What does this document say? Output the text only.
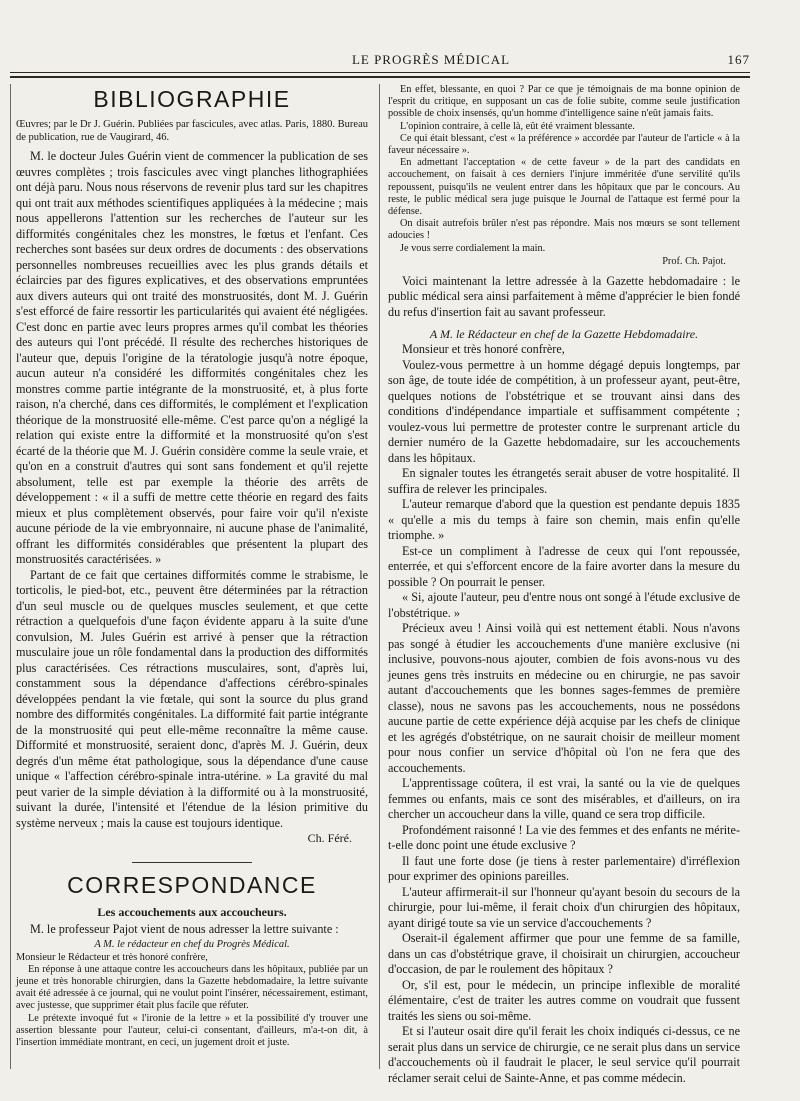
LE PROGRÈS MÉDICAL	167
BIBLIOGRAPHIE

Œuvres; par le Dr J. Guérin. Publiées par fascicules, avec atlas. Paris, 1880. Bureau de publication, rue de Vaugirard, 46.

M. le docteur Jules Guérin vient de commencer la publication de ses œuvres complètes ; trois fascicules avec vingt planches lithographiées ont déjà paru. Nous nous réservons de revenir plus tard sur les chapitres qui ont trait aux méthodes scientifiques appliquées à la médecine ; mais nous appellerons l'attention sur les recherches de l'auteur sur les difformités congénitales chez les monstres, le fœtus et l'enfant. Ces recherches sont basées sur deux ordres de documents : des observations personnelles nombreuses recueillies avec les plus grands détails et éclaircies par des figures explicatives, et des observations empruntées aux divers auteurs qui ont traité des monstruosités, dont M. J. Guérin s'est efforcé de faire ressortir les particularités qui avaient été négligées. C'est donc en partie avec leurs propres armes qu'il combat les théories des auteurs qui l'ont précédé. Il résulte des recherches historiques de l'auteur que, depuis l'origine de la tératologie jusqu'à notre époque, aucun auteur n'a considéré les difformités congénitales chez les monstres comme partie intégrante de la monstruosité, et, à plus forte raison, n'a cherché, dans ces difformités, le complément et l'explication théorique de la monstruosité elle-même. C'est parce qu'on a négligé la relation qui existe entre la difformité et la monstruosité qu'on s'est écarté de la théorie que M. J. Guérin considère comme la seule vraie, et qu'on en a construit d'autres qui sont sans fondement et qu'il rejette absolument, telle est par exemple la théorie des arrêts de développement : « il a suffi de mettre cette théorie en regard des faits mieux et plus complètement observés, pour faire voir qu'il n'existe aucune période de la vie embryonnaire, ni aucune phase de l'animalité, offrant les difformités considérables que présentent la plupart des monstruosités caractérisées. »

Partant de ce fait que certaines difformités comme le strabisme, le torticolis, le pied-bot, etc., peuvent être déterminées par la rétraction d'un seul muscle ou de quelques muscles seulement, et que cette rétraction a quelquefois d'une façon évidente apparu à la suite d'une convulsion, M. Jules Guérin est arrivé à penser que la rétraction musculaire joue un rôle fondamental dans la production des difformités plus caractérisées. Ces rétractions musculaires, sont, d'après lui, constamment sous la dépendance d'affections cérébro-spinales développées pendant la vie fœtale, qui sont la source du plus grand nombre des difformités congénitales. La difformité fait partie intégrante de la monstruosité qui peut elle-même reconnaître la même cause. Difformité et monstruosité, seraient donc, d'après M. J. Guérin, deux degrés d'un même état pathologique, sous la dépendance d'une cause unique « l'affection cérébro-spinale intra-utérine. » La gravité du mal peut varier de la simple déviation à la difformité ou à la monstruosité, suivant la durée, l'intensité et l'étendue de la lésion primitive du système nerveux ; mais la cause est toujours identique.

Ch. Féré.

CORRESPONDANCE

Les accouchements aux accoucheurs.

M. le professeur Pajot vient de nous adresser la lettre suivante :

A M. le rédacteur en chef du Progrès Médical.

Monsieur le Rédacteur et très honoré confrère,

En réponse à une attaque contre les accoucheurs dans les hôpitaux, publiée par un jeune et très honorable chirurgien, dans la Gazette hebdomadaire, la lettre suivante avait été adressée à ce journal, qui ne voulut point l'insérer, nécessairement, estimant, avec justesse, que supprimer était plus facile que réfuter.

Le prétexte invoqué fut « l'ironie de la lettre » et la possibilité d'y trouver une assertion blessante pour l'auteur, celui-ci consentant, d'ailleurs, m'a-t-on dit, à l'insertion immédiate montrant, en ceci, un jugement droit et juste.

En effet, blessante, en quoi ? Par ce que je témoignais de ma bonne opinion de l'esprit du critique, en supposant un cas de folie subite, comme seule justification possible de choix insensés, qu'un homme d'intelligence saine n'eût jamais faits.

L'opinion contraire, à celle là, eût été vraiment blessante.

Ce qui était blessant, c'est « la préférence » accordée par l'auteur de l'article « à la faveur nécessaire ».

En admettant l'acceptation « de cette faveur » de la part des candidats en accouchement, on faisait à ces derniers l'injure imméritée d'une servilité qu'ils repoussent, puisqu'ils ne veulent entrer dans les hôpitaux que par le concours. Au reste, le public médical sera juge puisque le Journal de l'attaque est fermé pour la défense.

On disait autrefois brûler n'est pas répondre. Mais nos mœurs se sont tellement adoucies !

Je vous serre cordialement la main.

Prof. Ch. Pajot.

Voici maintenant la lettre adressée à la Gazette hebdomadaire : le public médical sera ainsi parfaitement à même d'apprécier le bien fondé du refus d'insertion fait au savant professeur.

A M. le Rédacteur en chef de la Gazette Hebdomadaire.

Monsieur et très honoré confrère,

Voulez-vous permettre à un homme dégagé depuis longtemps, par son âge, de toute idée de compétition, à un professeur ayant, peut-être, quelques notions de l'obstétrique et se trouvant ainsi dans des conditions d'indépendance impartiale et suffisamment compétente ; voulez-vous lui permettre de protester contre le surprenant article du dernier numéro de la Gazette hebdomadaire, sur les accouchements dans les hôpitaux.

En signaler toutes les étrangetés serait abuser de votre hospitalité. Il suffira de relever les principales.

L'auteur remarque d'abord que la question est pendante depuis 1835 « qu'elle a mis du temps à faire son chemin, mais enfin qu'elle triomphe. »

Est-ce un compliment à l'adresse de ceux qui l'ont repoussée, enterrée, et qui s'efforcent encore de la faire avorter dans la mesure du possible ? On pourrait le penser.

« Si, ajoute l'auteur, peu d'entre nous ont songé à l'étude exclusive de l'obstétrique. »

Précieux aveu ! Ainsi voilà qui est nettement établi. Nous n'avons pas songé à étudier les accouchements d'une manière exclusive (ni inclusive, pouvons-nous ajouter, combien de fois avons-nous vu des jeunes gens très instruits en médecine ou en chirurgie, ne pas savoir autant d'accouchements que les bonnes sages-femmes de première classe), nous ne savons pas les accouchements, nous ne possédons aucune partie de cette expérience déjà acquise par les chefs de clinique et les agrégés d'obstétrique, on ne saurait choisir de meilleur moment pour nous confier un service d'hôpital où l'on ne fera que des accouchements.

L'apprentissage coûtera, il est vrai, la santé ou la vie de quelques femmes ou enfants, mais ce sont des misérables, et d'ailleurs, on ira chercher un accoucheur dans la ville, quand ce sera trop difficile.

Profondément raisonné ! La vie des femmes et des enfants ne mérite-t-elle donc point une étude exclusive ?

Il faut une forte dose (je tiens à rester parlementaire) d'irréflexion pour exprimer des opinions pareilles.

L'auteur affirmerait-il sur l'honneur qu'ayant besoin du secours de la chirurgie, pour lui-même, il ferait choix d'un chirurgien des hôpitaux, ayant dirigé toute sa vie un service d'accouchements ?

Oserait-il également affirmer que pour une femme de sa famille, dans un cas d'obstétrique grave, il choisirait un chirurgien, accoucheur d'occasion, de par le roulement des hôpitaux ?

Or, s'il est, pour le médecin, un principe inflexible de moralité élémentaire, c'est de traiter les autres comme on voudrait que fussent traités les siens ou soi-même.

Et si l'auteur osait dire qu'il ferait les choix indiqués ci-dessus, ce ne serait plus dans un service de chirurgie, ce ne serait plus dans un service d'accouchements où il faudrait le placer, le seul service qu'il pourrait réclamer serait celui de Sainte-Anne, et pas comme médecin.
